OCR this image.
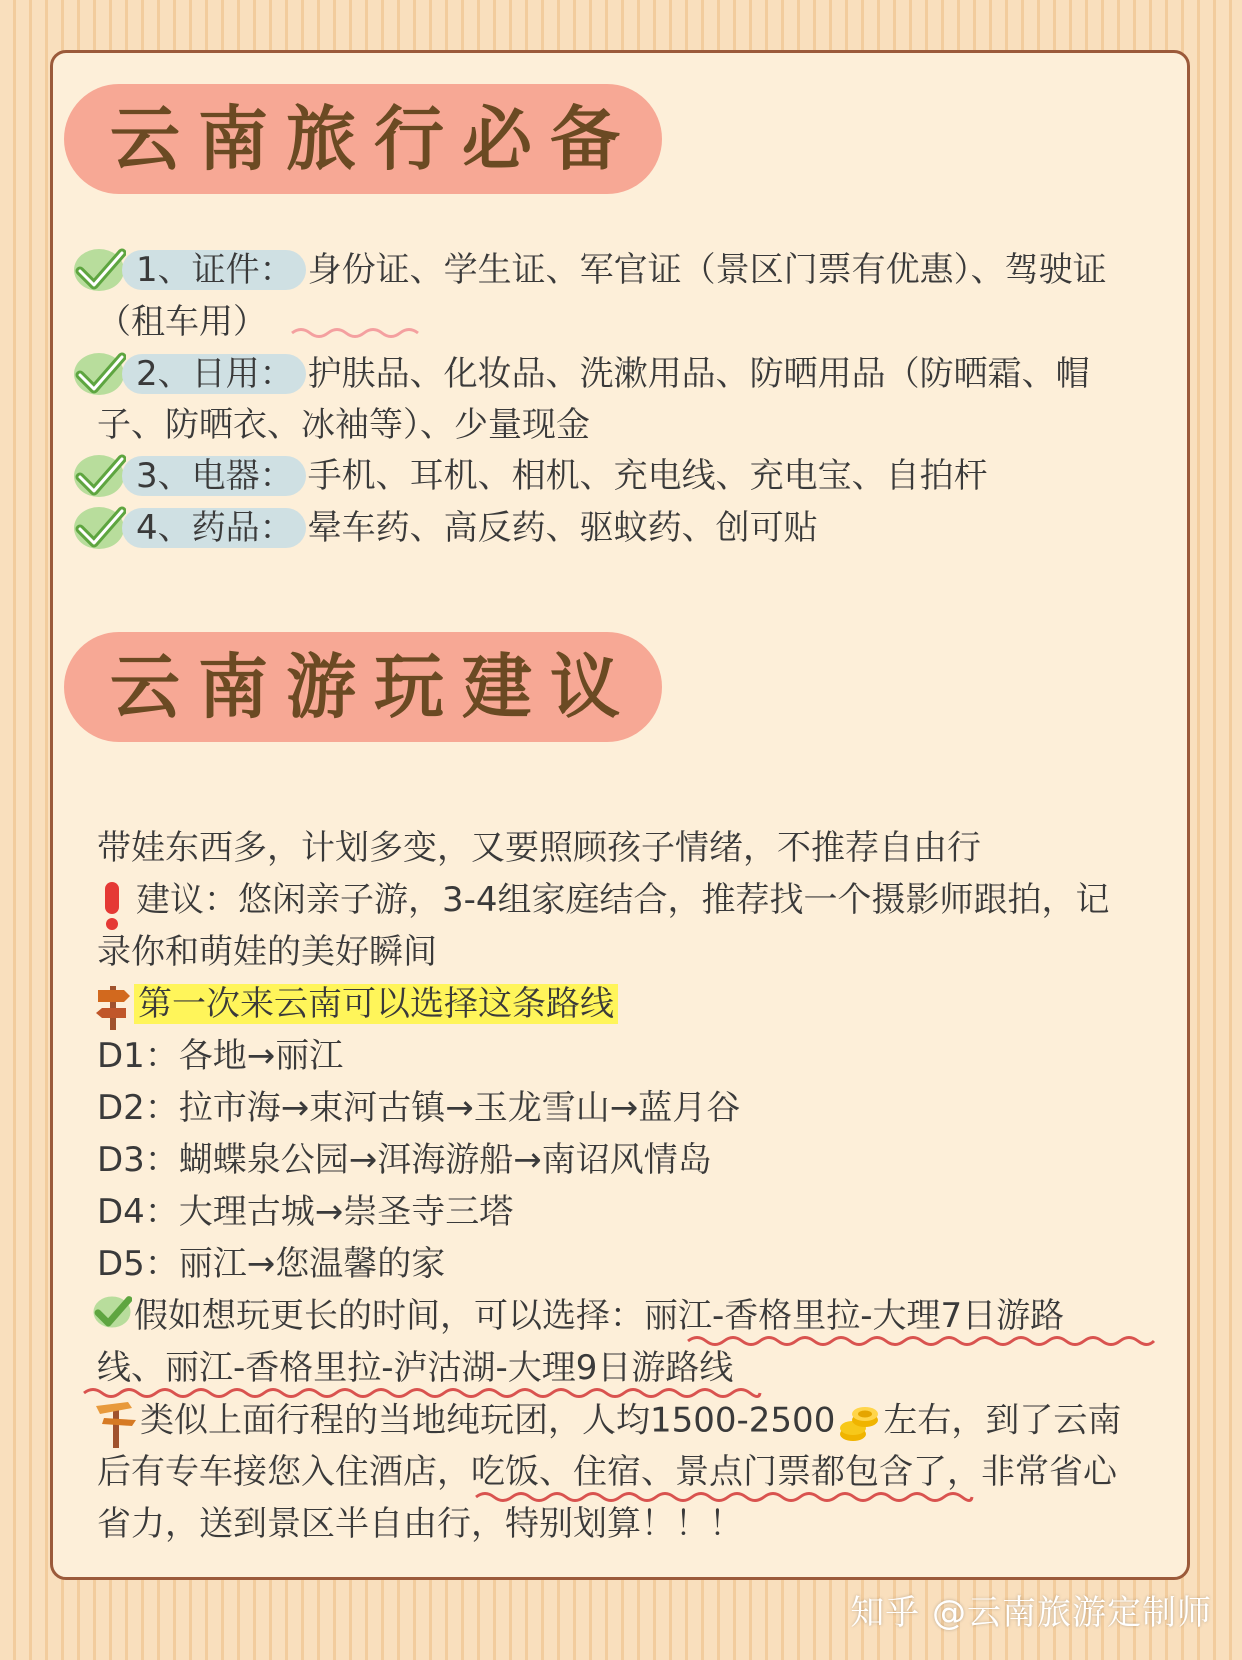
云南旅行必备
1、证件： 身份证、学生证、军官证（景区门票有优惠）、驾驶证
（租车用）
2、日用： 护肤品、化妆品、洗漱用品、防晒用品（防晒霜、帽
子、防晒衣、冰袖等）、少量现金
3、电器： 手机、耳机、相机、充电线、充电宝、自拍杆
4、药品： 晕车药、高反药、驱蚊药、创可贴
云南游玩建议
带娃东西多，计划多变，又要照顾孩子情绪，不推荐自由行
建议：悠闲亲子游，3-4组家庭结合，推荐找一个摄影师跟拍，记
录你和萌娃的美好瞬间
第一次来云南可以选择这条路线
D1：各地→丽江
D2：拉市海→束河古镇→玉龙雪山→蓝月谷
D3：蝴蝶泉公园→洱海游船→南诏风情岛
D4：大理古城→崇圣寺三塔
D5：丽江→您温馨的家
假如想玩更长的时间，可以选择：丽江-香格里拉-大理7日游路
线、丽江-香格里拉-泸沽湖-大理9日游路线
类似上面行程的当地纯玩团，人均1500-2500 左右，到了云南
后有专车接您入住酒店，吃饭、住宿、景点门票都包含了，非常省心
省力，送到景区半自由行，特别划算！！！
知乎 @云南旅游定制师
